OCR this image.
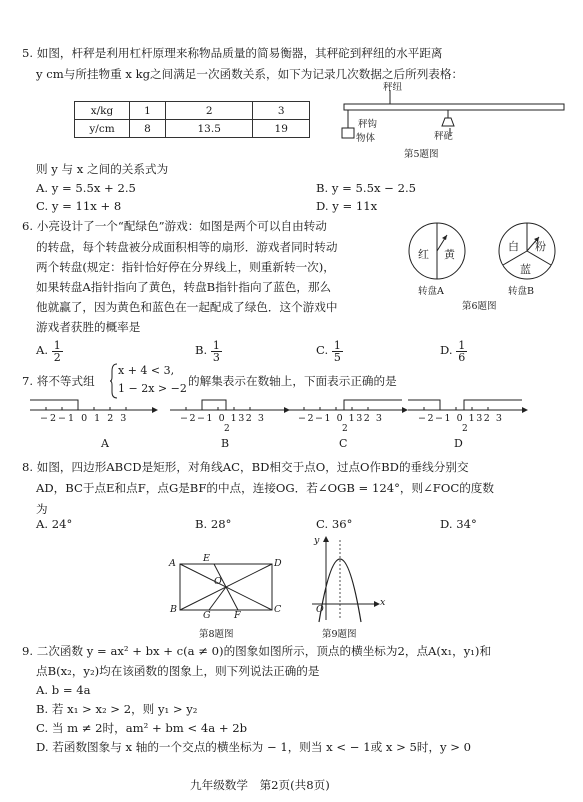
5. 如图，杆秤是利用杠杆原理来称物品质量的简易衡器，其秤砣到秤纽的水平距离
y cm与所挂物重 x kg之间满足一次函数关系，如下为记录几次数据之后所列表格：
x/kg	1	2	3
y/cm	8	13.5	19
秤纽
秤钩
物体	秤砣
第5题图
则 y 与 x 之间的关系式为
A. y = 5.5x + 2.5	B. y = 5.5x − 2.5
C. y = 11x + 8	D. y = 11x
6. 小亮设计了一个“配绿色”游戏：如图是两个可以自由转动
的转盘，每个转盘被分成面积相等的扇形．游戏者同时转动
两个转盘(规定：指针恰好停在分界线上，则重新转一次)，
如果转盘A指针指向了黄色，转盘B指针指向了蓝色，那么
他就赢了，因为黄色和蓝色在一起配成了绿色．这个游戏中
游戏者获胜的概率是
红 黄
转盘A
白 粉
蓝
转盘B
第6题图
A. $\frac{1}{2}$	B. $\frac{1}{3}$	C. $\frac{1}{5}$	D. $\frac{1}{6}$
7. 将不等式组
x + 4 < 3,
1 − 2x > −2
的解集表示在数轴上，下面表示正确的是
−2−1 0 1 2 3
A
−2−1 0 132 3
2
B
−2−1 0 132 3
2
C
−2−1 0 132 3
2
D
8. 如图，四边形ABCD是矩形，对角线AC，BD相交于点O，过点O作BD的垂线分别交
AD，BC于点E和点F，点G是BF的中点，连接OG．若∠OGB = 124°，则∠FOC的度数
为
A. 24°	B. 28°	C. 36°	D. 34°
A
B	C
D
E
F
G
O
第8题图
y
x
O
第9题图
9. 二次函数 y = ax² + bx + c(a ≠ 0)的图象如图所示，顶点的横坐标为2，点A(x₁，y₁)和
点B(x₂，y₂)均在该函数的图象上，则下列说法正确的是
A. b = 4a
B. 若 x₁ > x₂ > 2，则 y₁ > y₂
C. 当 m ≠ 2时，am² + bm < 4a + 2b
D. 若函数图象与 x 轴的一个交点的横坐标为 − 1，则当 x < − 1或 x > 5时，y > 0
九年级数学　第2页(共8页)
